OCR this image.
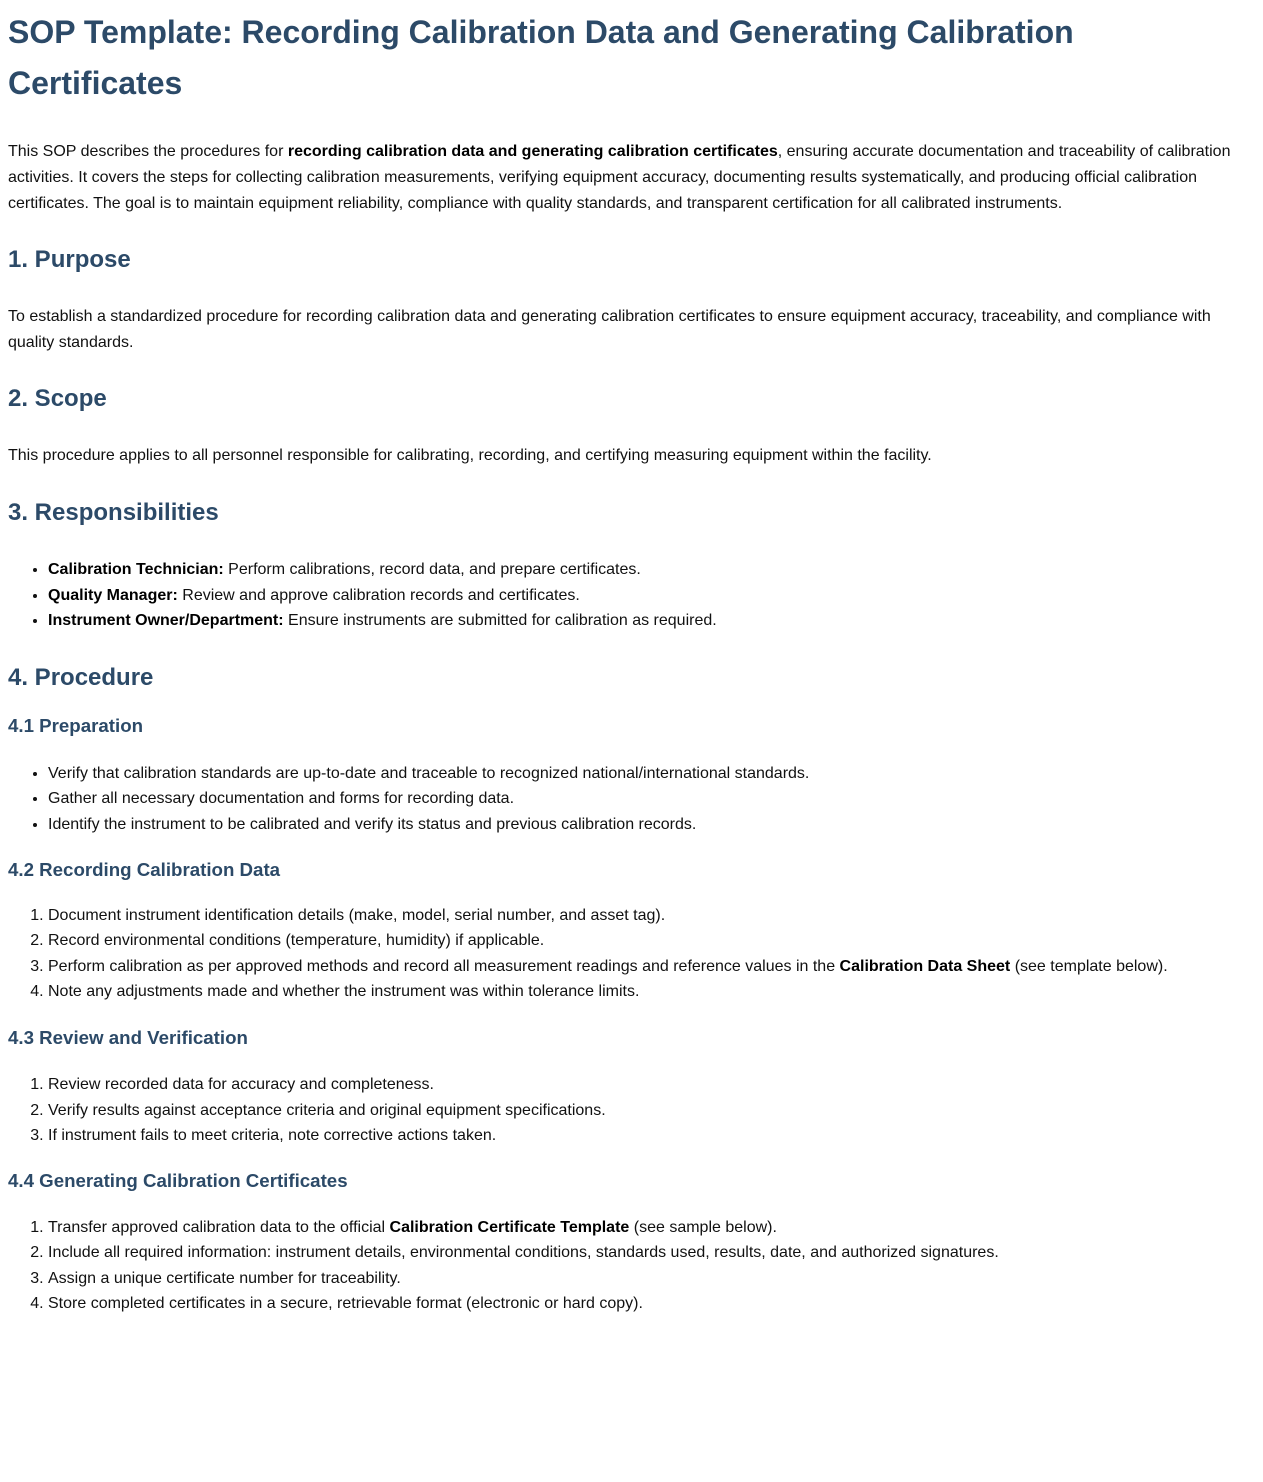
SOP Template: Recording Calibration Data and Generating Calibration Certificates

This SOP describes the procedures for recording calibration data and generating calibration certificates, ensuring accurate documentation and traceability of calibration activities. It covers the steps for collecting calibration measurements, verifying equipment accuracy, documenting results systematically, and producing official calibration certificates. The goal is to maintain equipment reliability, compliance with quality standards, and transparent certification for all calibrated instruments.

1. Purpose

To establish a standardized procedure for recording calibration data and generating calibration certificates to ensure equipment accuracy, traceability, and compliance with quality standards.

2. Scope

This procedure applies to all personnel responsible for calibrating, recording, and certifying measuring equipment within the facility.

3. Responsibilities
• Calibration Technician: Perform calibrations, record data, and prepare certificates.
• Quality Manager: Review and approve calibration records and certificates.
• Instrument Owner/Department: Ensure instruments are submitted for calibration as required.
4. Procedure
4.1 Preparation
• Verify that calibration standards are up-to-date and traceable to recognized national/international standards.
• Gather all necessary documentation and forms for recording data.
• Identify the instrument to be calibrated and verify its status and previous calibration records.
4.2 Recording Calibration Data
1. Document instrument identification details (make, model, serial number, and asset tag).
2. Record environmental conditions (temperature, humidity) if applicable.
3. Perform calibration as per approved methods and record all measurement readings and reference values in the Calibration Data Sheet (see template below).
4. Note any adjustments made and whether the instrument was within tolerance limits.
4.3 Review and Verification
1. Review recorded data for accuracy and completeness.
2. Verify results against acceptance criteria and original equipment specifications.
3. If instrument fails to meet criteria, note corrective actions taken.
4.4 Generating Calibration Certificates
1. Transfer approved calibration data to the official Calibration Certificate Template (see sample below).
2. Include all required information: instrument details, environmental conditions, standards used, results, date, and authorized signatures.
3. Assign a unique certificate number for traceability.
4. Store completed certificates in a secure, retrievable format (electronic or hard copy).
